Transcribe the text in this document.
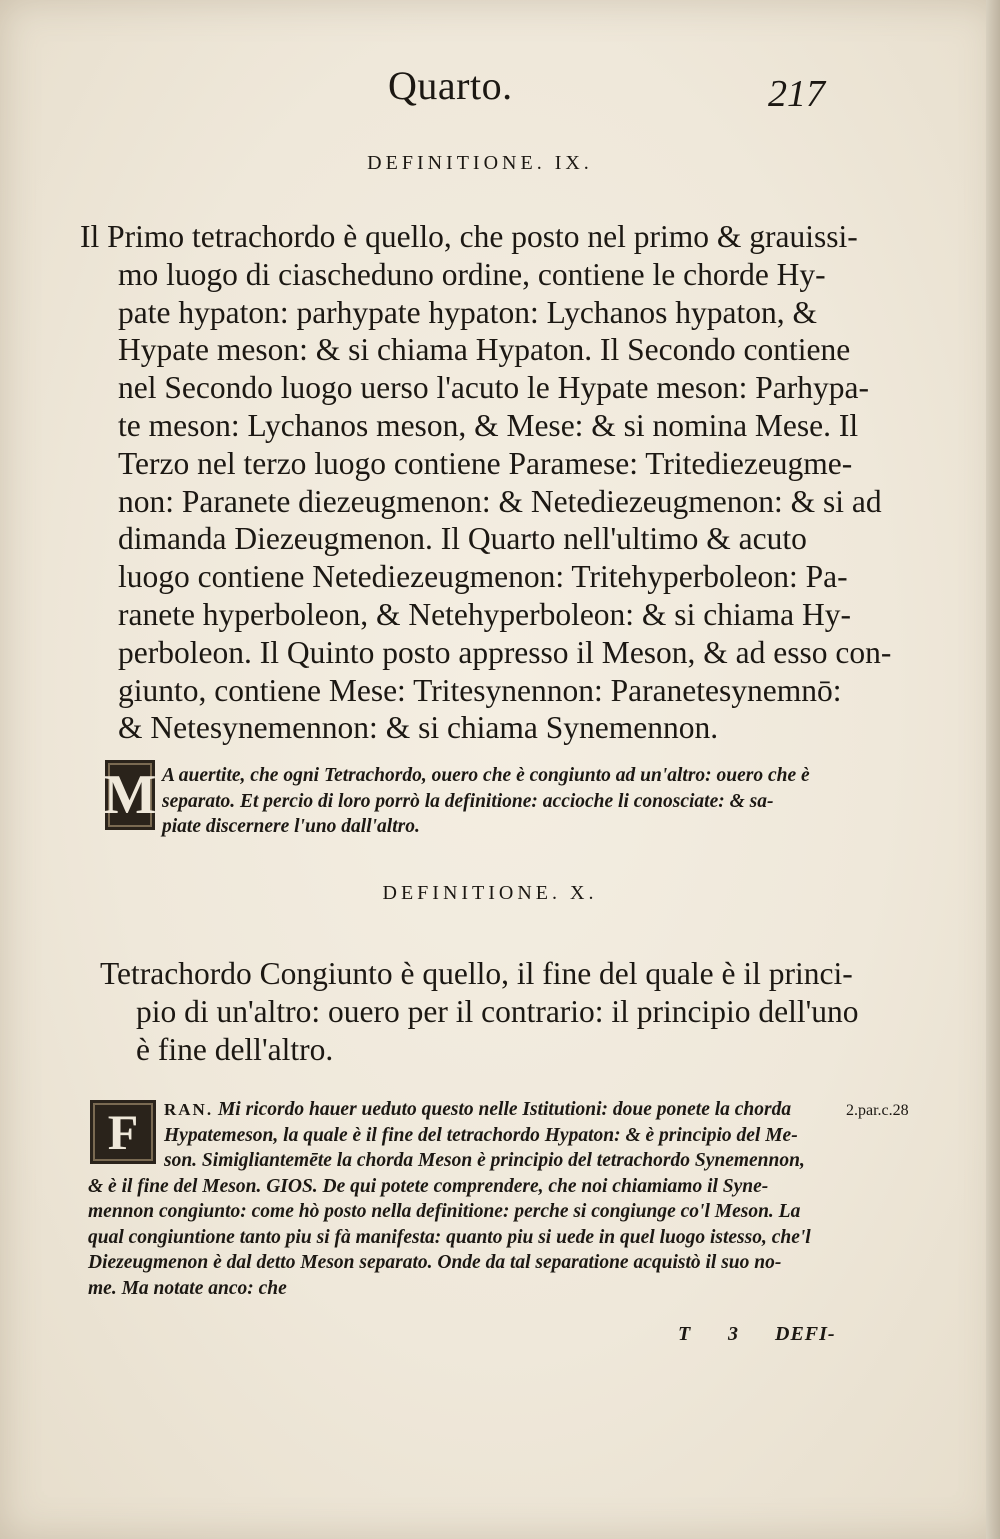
Quarto.	217
DEFINITIONE. IX.

Il Primo tetrachordo è quello, che posto nel primo & grauissi-
mo luogo di ciascheduno ordine, contiene le chorde Hy-
pate hypaton: parhypate hypaton: Lychanos hypaton, &
Hypate meson: & si chiama Hypaton. Il Secondo contiene
nel Secondo luogo uerso l'acuto le Hypate meson: Parhypa-
te meson: Lychanos meson, & Mese: & si nomina Mese. Il
Terzo nel terzo luogo contiene Paramese: Tritediezeugme-
non: Paranete diezeugmenon: & Netediezeugmenon: & si ad
dimanda Diezeugmenon. Il Quarto nell'ultimo & acuto
luogo contiene Netediezeugmenon: Tritehyperboleon: Pa-
ranete hyperboleon, & Netehyperboleon: & si chiama Hy-
perboleon. Il Quinto posto appresso il Meson, & ad esso con-
giunto, contiene Mese: Tritesynennon: Paranetesynemnō:
& Netesynemennon: & si chiama Synemennon.

M A auertite, che ogni Tetrachordo, ouero che è congiunto ad un'altro: ouero che è
separato. Et percio di loro porrò la definitione: accioche li conosciate: & sa-
piate discernere l'uno dall'altro.

DEFINITIONE. X.

Tetrachordo Congiunto è quello, il fine del quale è il princi-
pio di un'altro: ouero per il contrario: il principio dell'uno
è fine dell'altro.

F	RAN. Mi ricordo hauer ueduto questo nelle Istitutioni: doue ponete la chorda
Hypatemeson, la quale è il fine del tetrachordo Hypaton: & è principio del Me-
son. Simigliantemēte la chorda Meson è principio del tetrachordo Synemennon,
& è il fine del Meson. GIOS. De qui potete comprendere, che noi chiamiamo il Syne-
mennon congiunto: come hò posto nella definitione: perche si congiunge co'l Meson. La
qual congiuntione tanto piu si fà manifesta: quanto piu si uede in quel luogo istesso, che'l
Diezeugmenon è dal detto Meson separato. Onde da tal separatione acquistò il suo no-
me. Ma notate anco: che

2.par.c.28
T 3 DEFI-
